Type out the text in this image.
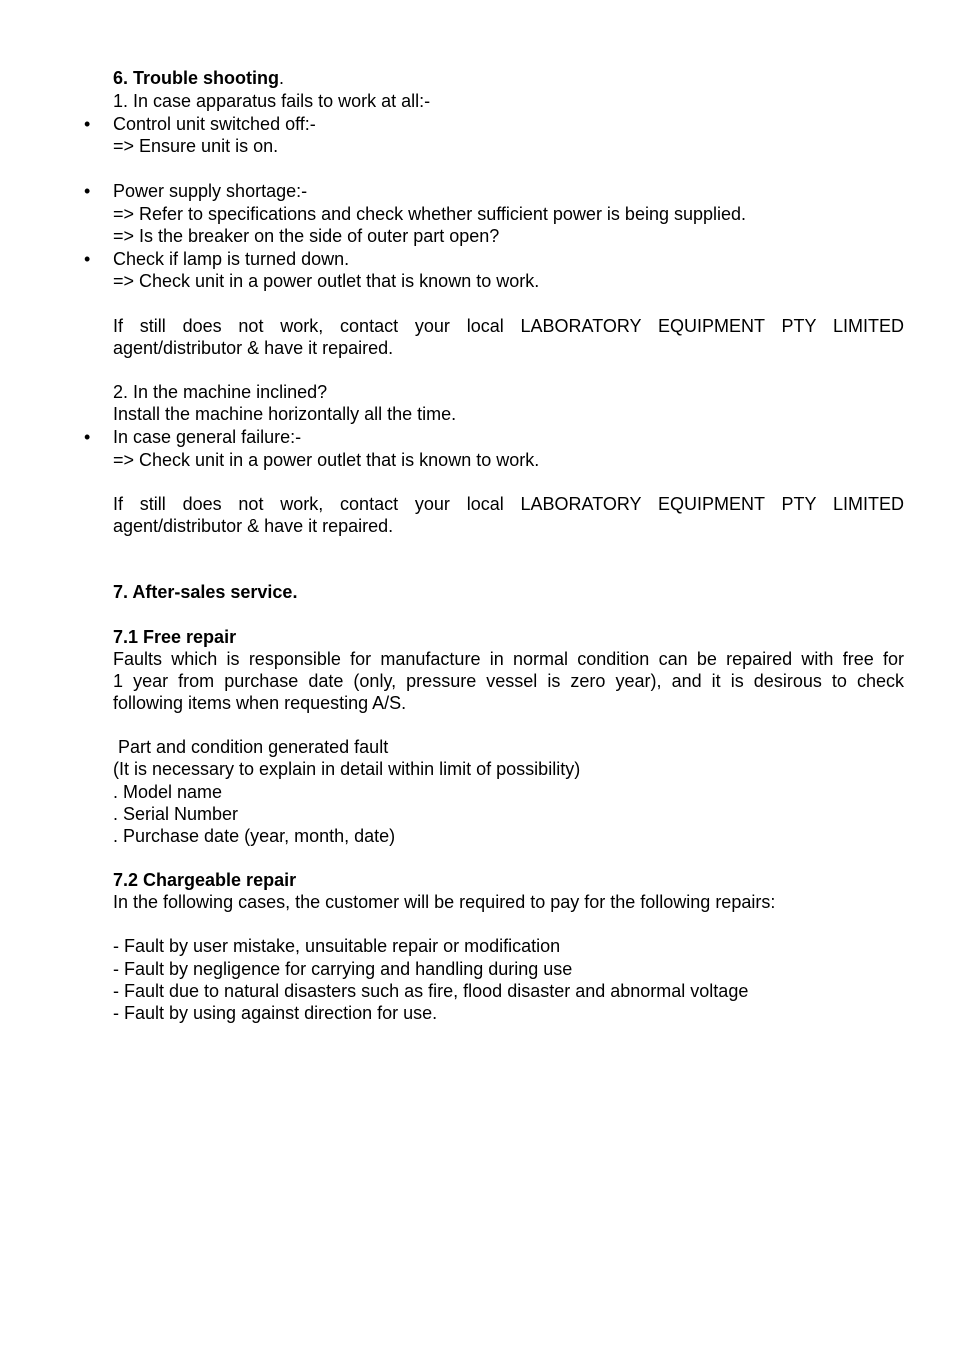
6. Trouble shooting.
1. In case apparatus fails to work at all:-
• Control unit switched off:-
=> Ensure unit is on.
• Power supply shortage:-
=> Refer to specifications and check whether sufficient power is being supplied.
=> Is the breaker on the side of outer part open?
• Check if lamp is turned down.
=> Check unit in a power outlet that is known to work.
If still does not work, contact your local LABORATORY EQUIPMENT PTY LIMITED
agent/distributor & have it repaired.
2. In the machine inclined?
Install the machine horizontally all the time.
• In case general failure:-
=> Check unit in a power outlet that is known to work.
If still does not work, contact your local LABORATORY EQUIPMENT PTY LIMITED
agent/distributor & have it repaired.
7. After-sales service.
7.1 Free repair
Faults which is responsible for manufacture in normal condition can be repaired with free for
1 year from purchase date (only, pressure vessel is zero year), and it is desirous to check
following items when requesting A/S.
Part and condition generated fault
(It is necessary to explain in detail within limit of possibility)
. Model name
. Serial Number
. Purchase date (year, month, date)
7.2 Chargeable repair
In the following cases, the customer will be required to pay for the following repairs:
- Fault by user mistake, unsuitable repair or modification
- Fault by negligence for carrying and handling during use
- Fault due to natural disasters such as fire, flood disaster and abnormal voltage
- Fault by using against direction for use.
